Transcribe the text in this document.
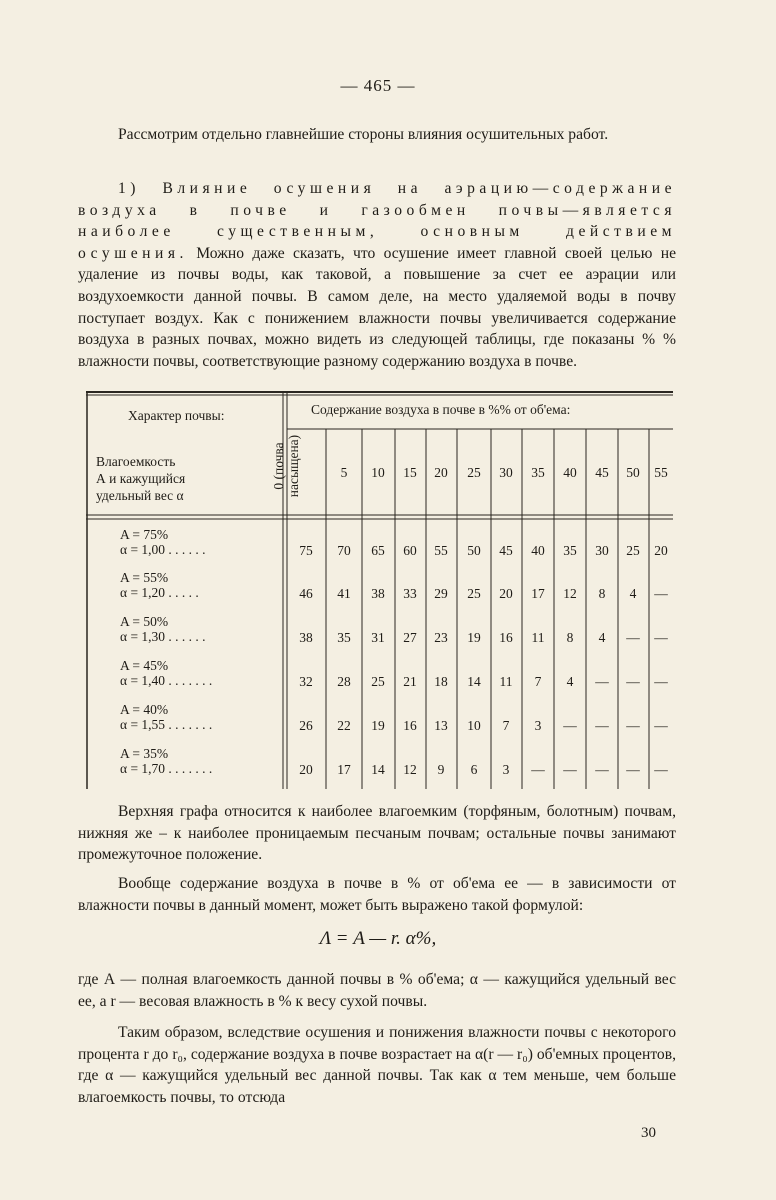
— 465 —

Рассмотрим отдельно главнейшие стороны влияния осушительных работ.

1) Влияние осушения на аэрацию—содержание воздуха в почве и газообмен почвы—является наиболее существенным, основным действием осушения. Можно даже сказать, что осушение имеет главной своей целью не удаление из почвы воды, как таковой, а повышение за счет ее аэрации или воздухоемкости данной почвы. В самом деле, на место удаляемой воды в почву поступает воздух. Как с понижением влажности почвы увеличивается содержание воздуха в разных почвах, можно видеть из следующей таблицы, где показаны % % влажности почвы, соответствующие разному содержанию воздуха в почве.

Характер почвы:
Влагоемкость
А и кажущийся
удельный вес α
Содержание воздуха в почве в %% от об'ема:
0 (почва насыщена)	5	10	15	20	25	30	35	40	45	50	55
A = 75%
α = 1,00 . . . . . .	75	70	65	60	55	50	45	40	35	30	25	20
A = 55%
α = 1,20 . . . . .	46	41	38	33	29	25	20	17	12	8	4	—
A = 50%
α = 1,30 . . . . . .	38	35	31	27	23	19	16	11	8	4	—	—
A = 45%
α = 1,40 . . . . . . .	32	28	25	21	18	14	11	7	4	—	—	—
A = 40%
α = 1,55 . . . . . . .	26	22	19	16	13	10	7	3	—	—	—	—
A = 35%
α = 1,70 . . . . . . .	20	17	14	12	9	6	3	—	—	—	—	—

Верхняя графа относится к наиболее влагоемким (торфяным, болотным) почвам, нижняя же – к наиболее проницаемым песчаным почвам; остальные почвы занимают промежуточное положение.

Вообще содержание воздуха в почве в % от об'ема ее — в зависимости от влажности почвы в данный момент, может быть выражено такой формулой:

Λ = A — r. α%,

где А — полная влагоемкость данной почвы в % об'ема; α — кажущийся удельный вес ее, а r — весовая влажность в % к весу сухой почвы.

Таким образом, вследствие осушения и понижения влажности почвы с некоторого процента r до r₀, содержание воздуха в почве возрастает на α(r — r₀) об'емных процентов, где α — кажущийся удельный вес данной почвы. Так как α тем меньше, чем больше влагоемкость почвы, то отсюда

30
